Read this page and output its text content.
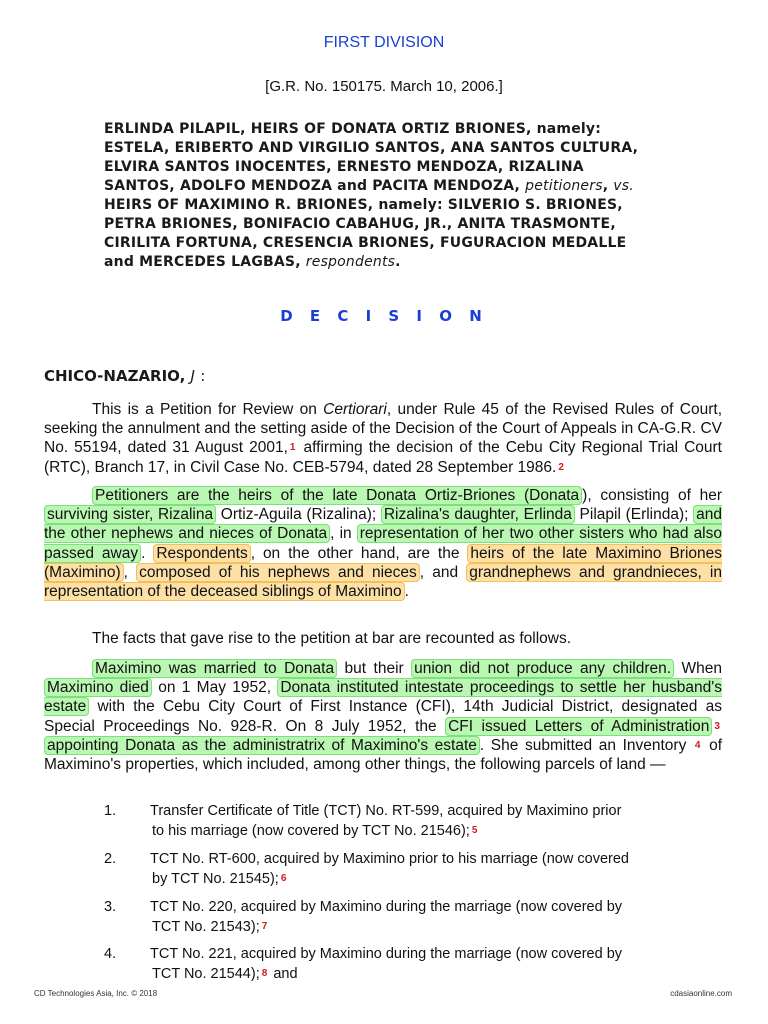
FIRST DIVISION
[G.R. No. 150175. March 10, 2006.]
ERLINDA PILAPIL, HEIRS OF DONATA ORTIZ BRIONES, namely:
ESTELA, ERIBERTO AND VIRGILIO SANTOS, ANA SANTOS CULTURA,
ELVIRA SANTOS INOCENTES, ERNESTO MENDOZA, RIZALINA
SANTOS, ADOLFO MENDOZA and PACITA MENDOZA, petitioners, vs.
HEIRS OF MAXIMINO R. BRIONES, namely: SILVERIO S. BRIONES,
PETRA BRIONES, BONIFACIO CABAHUG, JR., ANITA TRASMONTE,
CIRILITA FORTUNA, CRESENCIA BRIONES, FUGURACION MEDALLE
and MERCEDES LAGBAS, respondents.
D E C I S I O N
CHICO-NAZARIO, J :
This is a Petition for Review on Certiorari, under Rule 45 of the Revised Rules of Court, seeking the annulment and the setting aside of the Decision of the Court of Appeals in CA-G.R. CV No. 55194, dated 31 August 2001, 1 affirming the decision of the Cebu City Regional Trial Court (RTC), Branch 17, in Civil Case No. CEB-5794, dated 28 September 1986. 2
Petitioners are the heirs of the late Donata Ortiz-Briones (Donata ), consisting of her surviving sister, Rizalina Ortiz-Aguila (Rizalina); Rizalina's daughter, Erlinda Pilapil (Erlinda); and the other nephews and nieces of Donata , in representation of her two other sisters who had also passed away . Respondents , on the other hand, are the heirs of the late Maximino Briones (Maximino) , composed of his nephews and nieces , and grandnephews and grandnieces, in representation of the deceased siblings of Maximino .
The facts that gave rise to the petition at bar are recounted as follows.
Maximino was married to Donata but their union did not produce any children. When Maximino died on 1 May 1952, Donata instituted intestate proceedings to settle her husband's estate with the Cebu City Court of First Instance (CFI), 14th Judicial District, designated as Special Proceedings No. 928-R. On 8 July 1952, the CFI issued Letters of Administration 3 appointing Donata as the administratrix of Maximino's estate . She submitted an Inventory 4 of Maximino's properties, which included, among other things, the following parcels of land —
1. Transfer Certificate of Title (TCT) No. RT-599, acquired by Maximino prior
to his marriage (now covered by TCT No. 21546); 5
2. TCT No. RT-600, acquired by Maximino prior to his marriage (now covered
by TCT No. 21545); 6
3. TCT No. 220, acquired by Maximino during the marriage (now covered by
TCT No. 21543); 7
4. TCT No. 221, acquired by Maximino during the marriage (now covered by
TCT No. 21544); 8 and
CD Technologies Asia, Inc. © 2018	cdasiaonline.com
